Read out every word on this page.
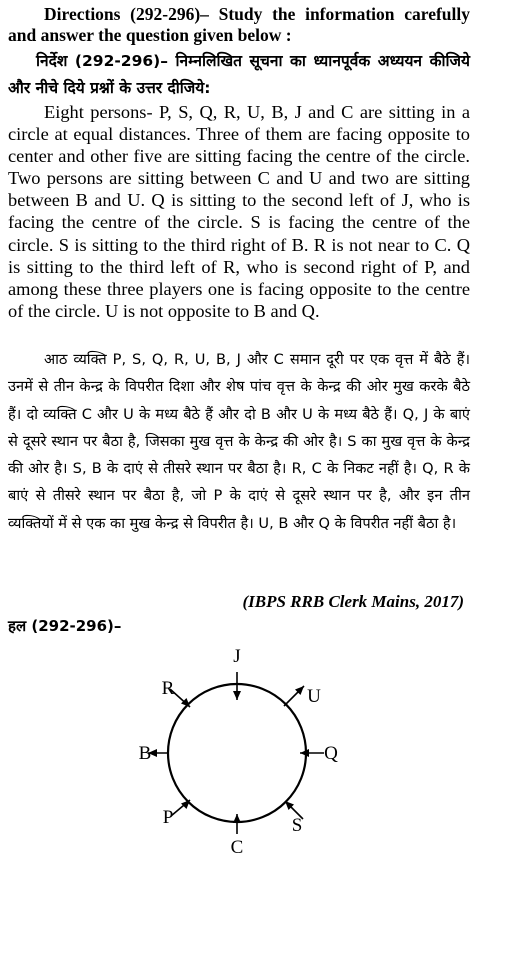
Directions (292-296)– Study the information carefully and answer the question given below :

निर्देश (292-296)– निम्नलिखित सूचना का ध्यानपूर्वक अध्ययन कीजिये और नीचे दिये प्रश्नों के उत्तर दीजिये:

Eight persons- P, S, Q, R, U, B, J and C are sitting in a circle at equal distances. Three of them are facing opposite to center and other five are sitting facing the centre of the circle. Two persons are sitting between C and U and two are sitting between B and U. Q is sitting to the second left of J, who is facing the centre of the circle. S is facing the centre of the circle. S is sitting to the third right of B. R is not near to C. Q is sitting to the third left of R, who is second right of P, and among these three players one is facing opposite to the centre of the circle. U is not opposite to B and Q.

आठ व्यक्ति P, S, Q, R, U, B, J और C समान दूरी पर एक वृत्त में बैठे हैं। उनमें से तीन केन्द्र के विपरीत दिशा और शेष पांच वृत्त के केन्द्र की ओर मुख करके बैठे हैं। दो व्यक्ति C और U के मध्य बैठे हैं और दो B और U के मध्य बैठे हैं। Q, J के बाएं से दूसरे स्थान पर बैठा है, जिसका मुख वृत्त के केन्द्र की ओर है। S का मुख वृत्त के केन्द्र की ओर है। S, B के दाएं से तीसरे स्थान पर बैठा है। R, C के निकट नहीं है। Q, R के बाएं से तीसरे स्थान पर बैठा है, जो P के दाएं से दूसरे स्थान पर है, और इन तीन व्यक्तियों में से एक का मुख केन्द्र से विपरीत है। U, B और Q के विपरीत नहीं बैठा है।

(IBPS RRB Clerk Mains, 2017)

हल (292-296)–

J
U
Q
S
C
P
B
R
